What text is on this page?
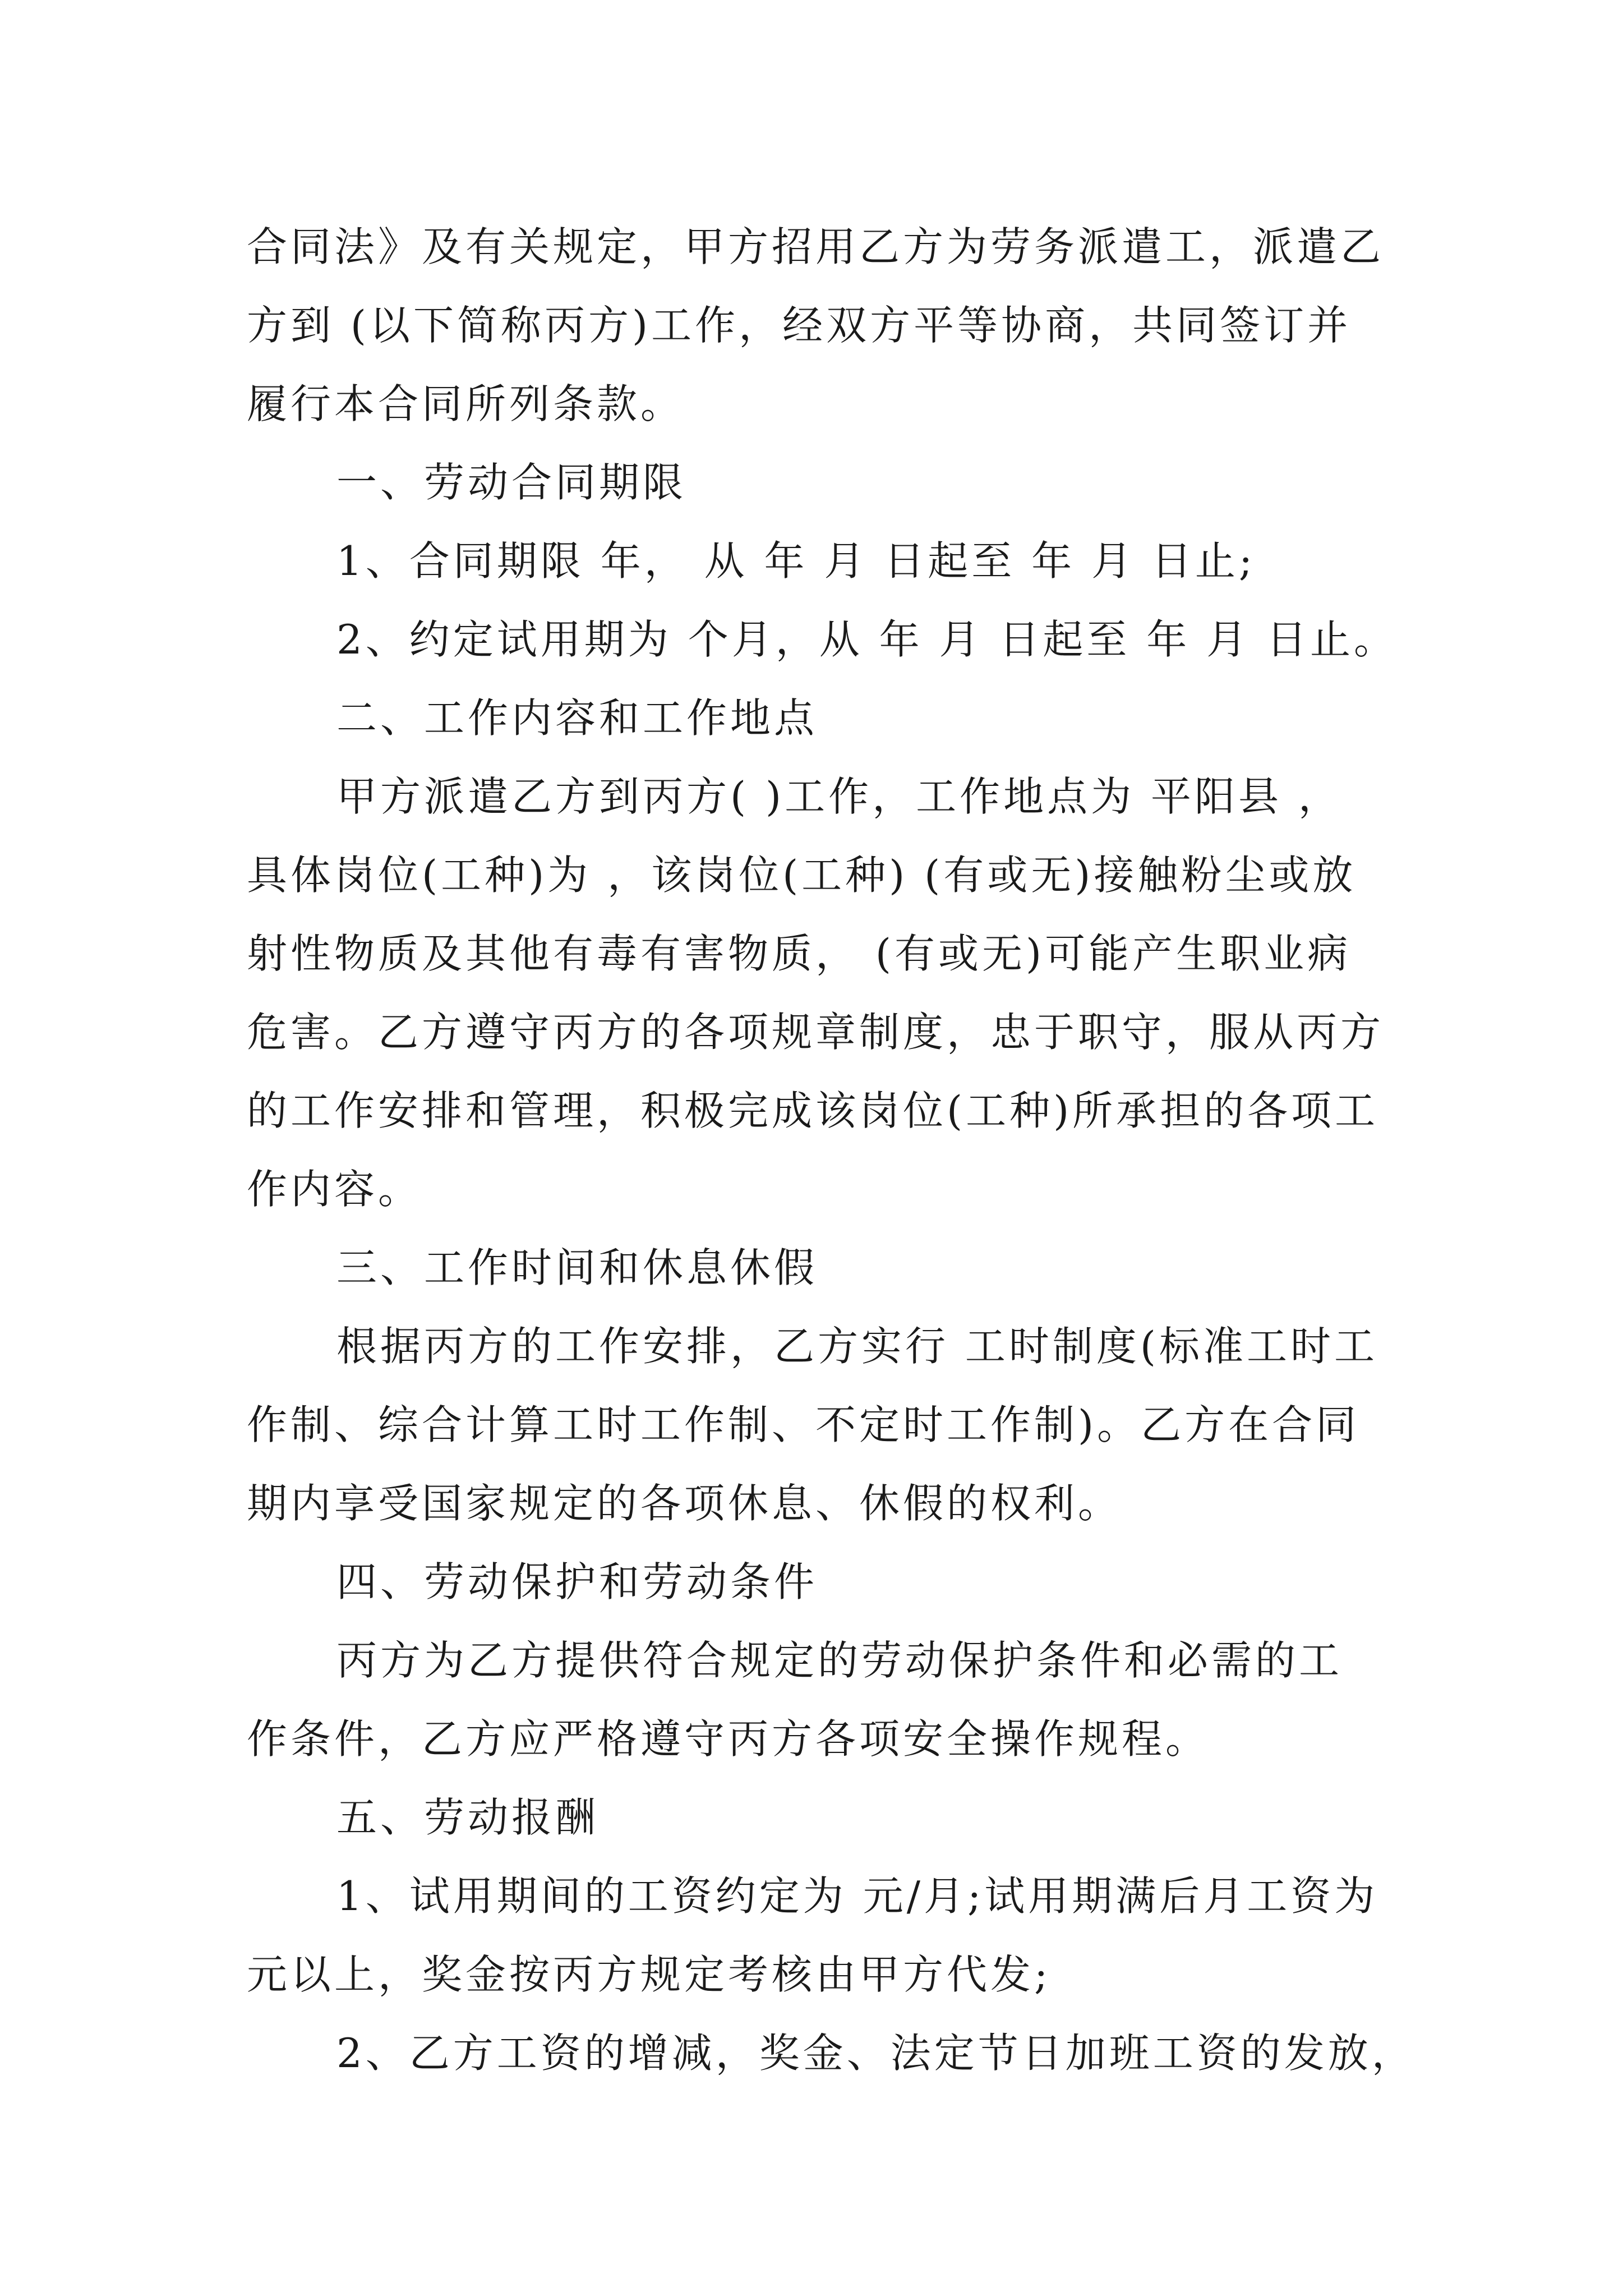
合同法》及有关规定，甲方招用乙方为劳务派遣工，派遣乙
方到 (以下简称丙方)工作，经双方平等协商，共同签订并
履行本合同所列条款。
一、劳动合同期限
1、合同期限 年， 从 年 月 日起至 年 月 日止;
2、约定试用期为 个月，从 年 月 日起至 年 月 日止。
二、工作内容和工作地点
甲方派遣乙方到丙方( )工作，工作地点为 平阳县 ，
具体岗位(工种)为 ，该岗位(工种) (有或无)接触粉尘或放
射性物质及其他有毒有害物质， (有或无)可能产生职业病
危害。乙方遵守丙方的各项规章制度，忠于职守，服从丙方
的工作安排和管理，积极完成该岗位(工种)所承担的各项工
作内容。
三、工作时间和休息休假
根据丙方的工作安排，乙方实行 工时制度(标准工时工
作制、综合计算工时工作制、不定时工作制)。乙方在合同
期内享受国家规定的各项休息、休假的权利。
四、劳动保护和劳动条件
丙方为乙方提供符合规定的劳动保护条件和必需的工
作条件，乙方应严格遵守丙方各项安全操作规程。
五、劳动报酬
1、试用期间的工资约定为 元/月;试用期满后月工资为
元以上，奖金按丙方规定考核由甲方代发;
2、乙方工资的增减，奖金、法定节日加班工资的发放，
